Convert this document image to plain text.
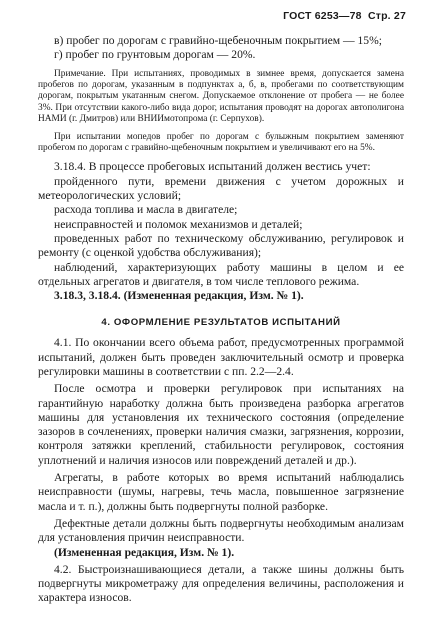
ГОСТ 6253—78 Стр. 27

в) пробег по дорогам с гравийно-щебеночным покрытием — 15%;

г) пробег по грунтовым дорогам — 20%.

Примечание. При испытаниях, проводимых в зимнее время, допускается замена пробегов по дорогам, указанным в подпунктах а, б, в, пробегами по соответствующим дорогам, покрытым укатанным снегом. Допускаемое отклонение от пробега — не более 3%. При отсутствии какого-либо вида дорог, испытания проводят на дорогах автополигона НАМИ (г. Дмитров) или ВНИИмотопрома (г. Серпухов).

При испытании мопедов пробег по дорогам с булыжным покрытием заменяют пробегом по дорогам с гравийно-щебеночным покрытием и увеличивают его на 5%.

3.18.4. В процессе пробеговых испытаний должен вестись учет:

пройденного пути, времени движения с учетом дорожных и метеорологических условий;

расхода топлива и масла в двигателе;

неисправностей и поломок механизмов и деталей;

проведенных работ по техническому обслуживанию, регулировок и ремонту (с оценкой удобства обслуживания);

наблюдений, характеризующих работу машины в целом и ее отдельных агрегатов и двигателя, в том числе теплового режима.

3.18.3, 3.18.4. (Измененная редакция, Изм. № 1).

4. ОФОРМЛЕНИЕ РЕЗУЛЬТАТОВ ИСПЫТАНИЙ

4.1. По окончании всего объема работ, предусмотренных программой испытаний, должен быть проведен заключительный осмотр и проверка регулировки машины в соответствии с пп. 2.2—2.4.

После осмотра и проверки регулировок при испытаниях на гарантийную наработку должна быть произведена разборка агрегатов машины для установления их технического состояния (определение зазоров в сочленениях, проверки наличия смазки, загрязнения, коррозии, контроля затяжки креплений, стабильности регулировок, состояния уплотнений и наличия износов или повреждений деталей и др.).

Агрегаты, в работе которых во время испытаний наблюдались неисправности (шумы, нагревы, течь масла, повышенное загрязнение масла и т. п.), должны быть подвергнуты полной разборке.

Дефектные детали должны быть подвергнуты необходимым анализам для установления причин неисправности.

(Измененная редакция, Изм. № 1).

4.2. Быстроизнашивающиеся детали, а также шины должны быть подвергнуты микрометражу для определения величины, расположения и характера износов.
